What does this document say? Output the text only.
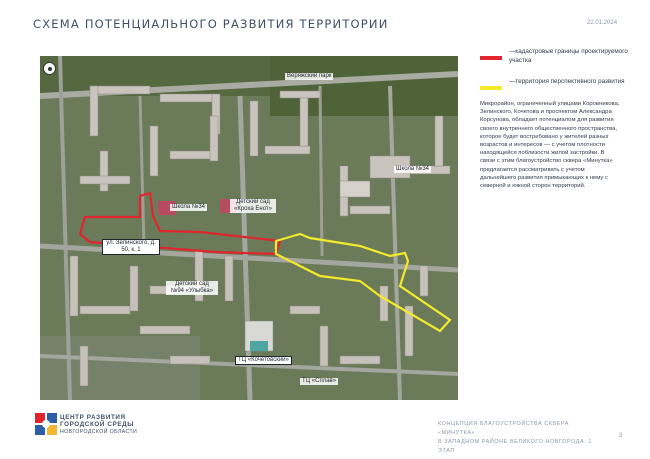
СХЕМА ПОТЕНЦИАЛЬНОГО РАЗВИТИЯ ТЕРРИТОРИИ	22.01.2024
Веряжский парк
Школа №34
Детский сад «Кроха Енот»
ул. Зелинского, д. 50, к. 1
Школа №34
Детский сад №94 «Улыбка»
ТЦ «Кочетовский»
ТЦ «Сплав»
—кадастровые границы проектируемого участка
—территория перспективного развития
Микрорайон, ограниченный улицами Коровникова, Зелинского, Кочетова и проспектом Александра Корсунова, обладает потенциалом для развития своего внутреннего общественного пространства, которое будет востребовано у жителей разных возрастов и интересов — с учетом плотности находящейся поблизости жилой застройки. В связи с этим благоустройство сквера «Минутка» предлагается рассматривать с учетом дальнейшего развития примыкающих к нему с северной и южной сторон территорий.
ЦЕНТР РАЗВИТИЯ
ГОРОДСКОЙ СРЕДЫ
НОВГОРОДСКОЙ ОБЛАСТИ
КОНЦЕПЦИЯ БЛАГОУСТРОЙСТВА СКВЕРА «МИНУТКА»
В ЗАПАДНОМ РАЙОНЕ ВЕЛИКОГО НОВГОРОДА. 1 ЭТАП
3
